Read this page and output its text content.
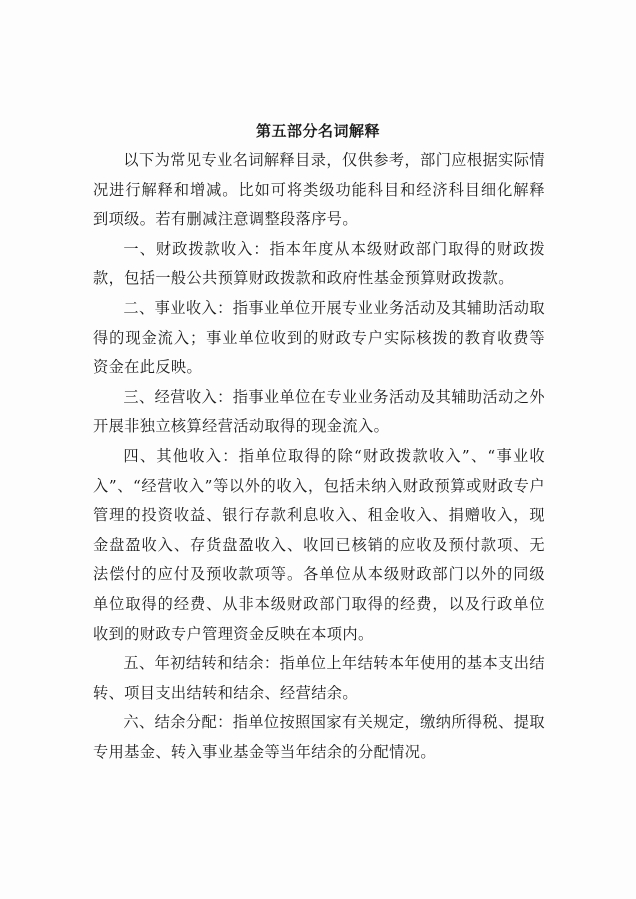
第五部分名词解释

以下为常见专业名词解释目录，仅供参考，部门应根据实际情况进行解释和增减。比如可将类级功能科目和经济科目细化解释到项级。若有删减注意调整段落序号。

一、财政拨款收入：指本年度从本级财政部门取得的财政拨款，包括一般公共预算财政拨款和政府性基金预算财政拨款。

二、事业收入：指事业单位开展专业业务活动及其辅助活动取得的现金流入；事业单位收到的财政专户实际核拨的教育收费等资金在此反映。

三、经营收入：指事业单位在专业业务活动及其辅助活动之外开展非独立核算经营活动取得的现金流入。

四、其他收入：指单位取得的除“财政拨款收入”、“事业收入”、“经营收入”等以外的收入，包括未纳入财政预算或财政专户管理的投资收益、银行存款利息收入、租金收入、捐赠收入，现金盘盈收入、存货盘盈收入、收回已核销的应收及预付款项、无法偿付的应付及预收款项等。各单位从本级财政部门以外的同级单位取得的经费、从非本级财政部门取得的经费，以及行政单位收到的财政专户管理资金反映在本项内。

五、年初结转和结余：指单位上年结转本年使用的基本支出结转、项目支出结转和结余、经营结余。

六、结余分配：指单位按照国家有关规定，缴纳所得税、提取专用基金、转入事业基金等当年结余的分配情况。
